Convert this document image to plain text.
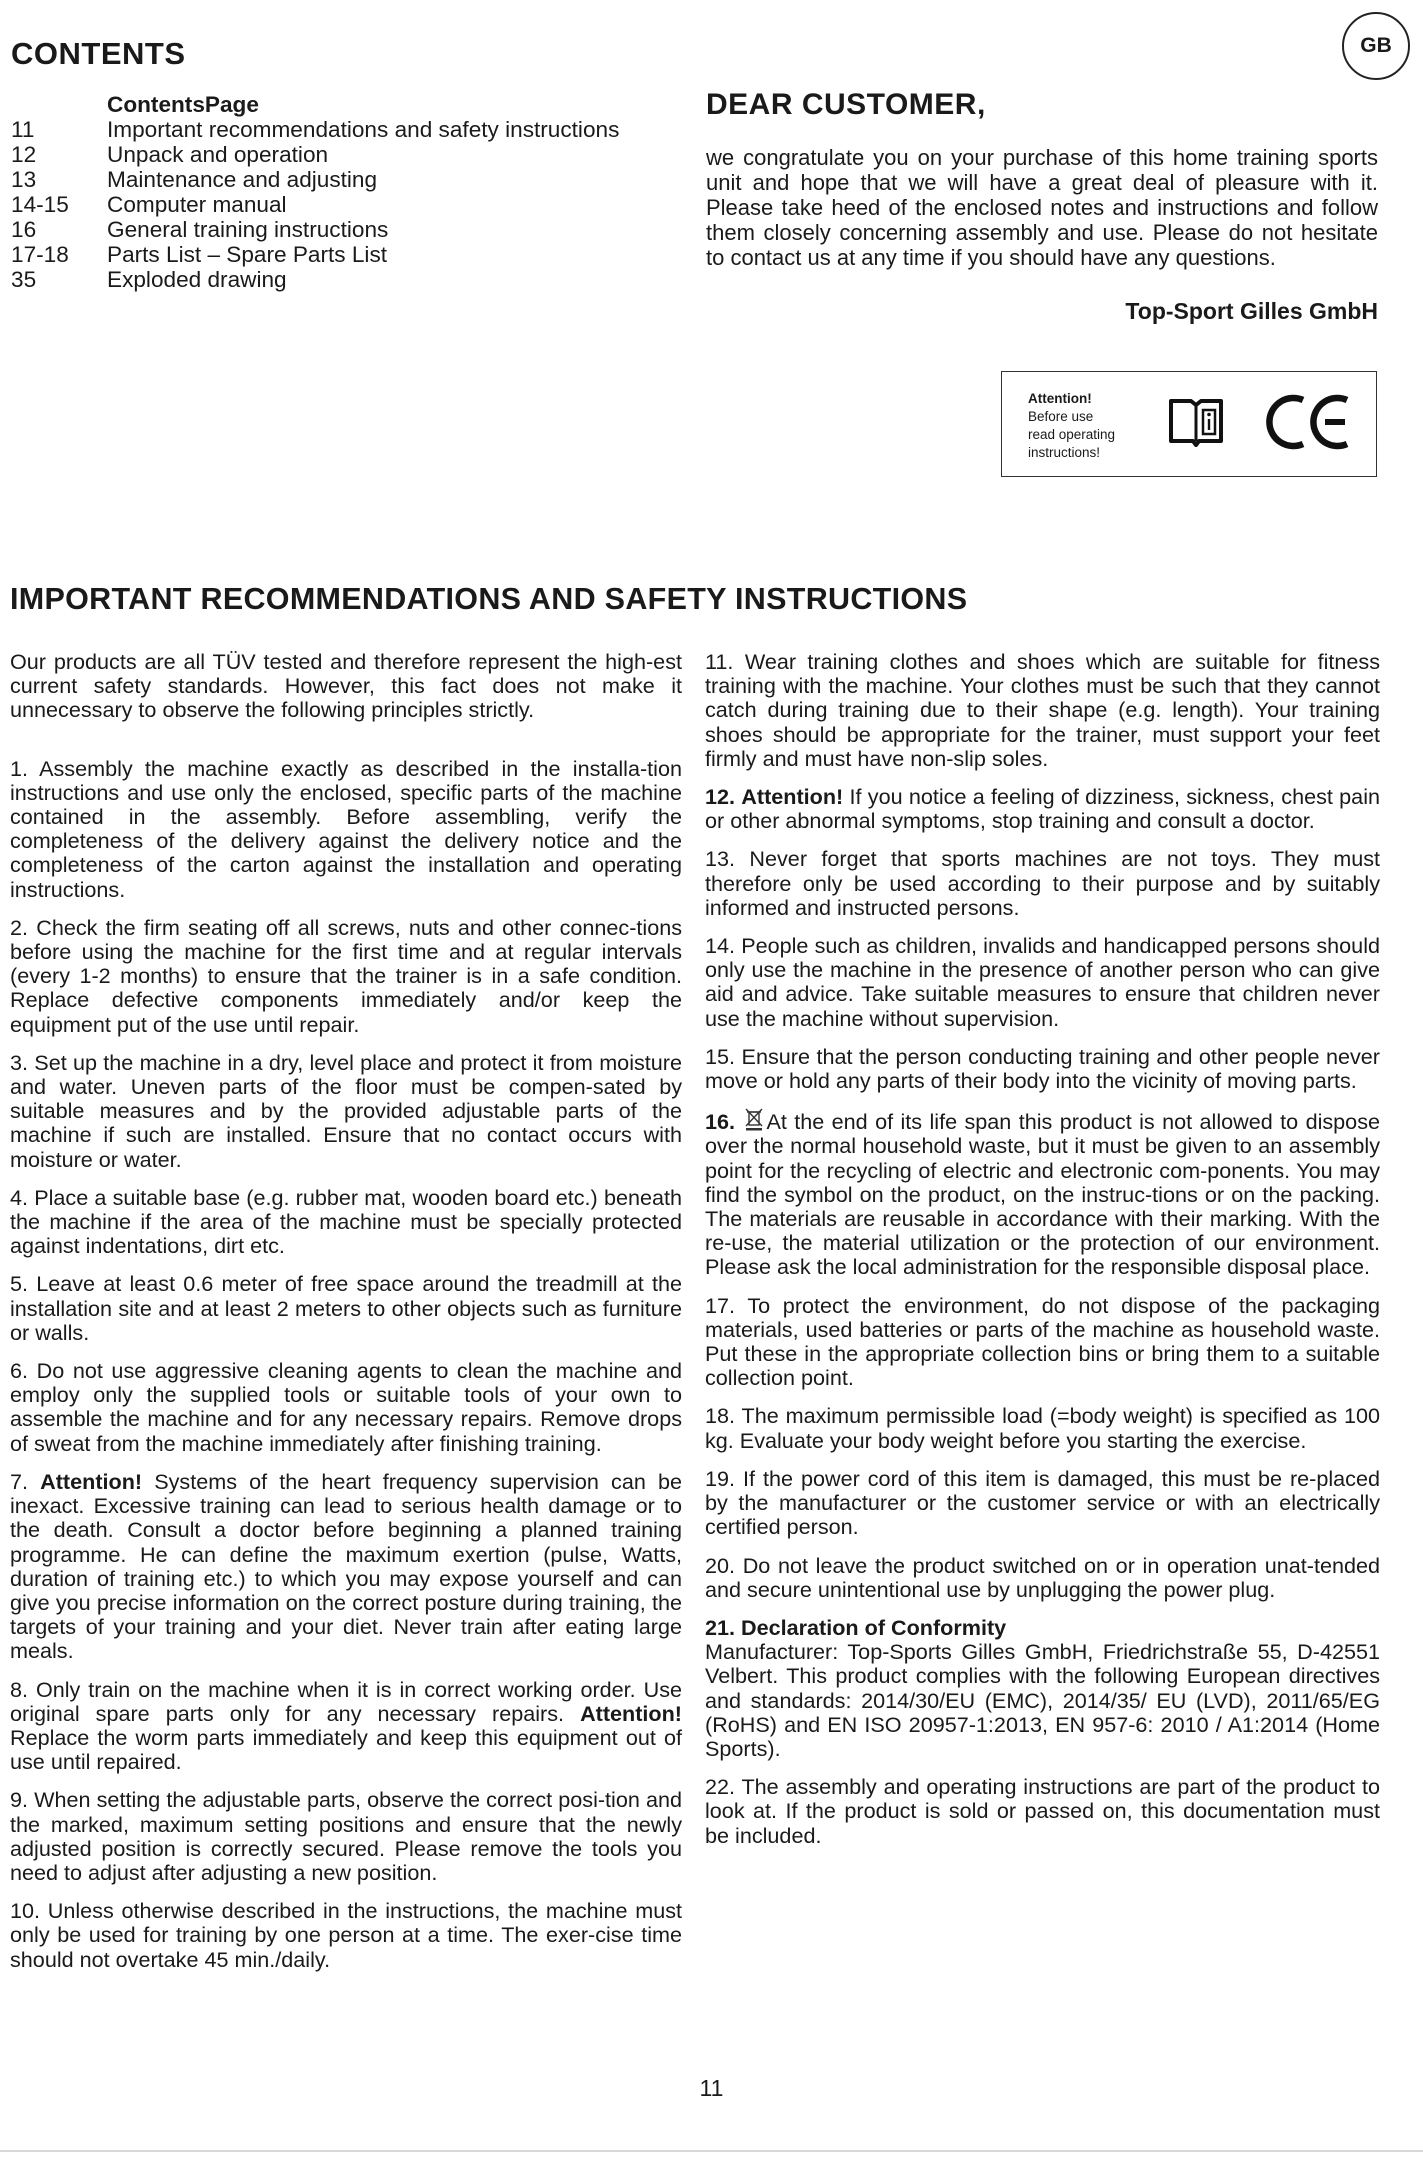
CONTENTS	GB
ContentsPage
11	Important recommendations and safety instructions
12	Unpack and operation
13	Maintenance and adjusting
14-15	Computer manual
16	General training instructions
17-18	Parts List – Spare Parts List
35	Exploded drawing
DEAR CUSTOMER,

we congratulate you on your purchase of this home training sports unit and hope that we will have a great deal of pleasure with it. Please take heed of the enclosed notes and instructions and follow them closely concerning assembly and use. Please do not hesitate to contact us at any time if you should have any questions.

Top-Sport Gilles GmbH
Attention!
Before use
read operating
instructions!
IMPORTANT RECOMMENDATIONS AND SAFETY INSTRUCTIONS

Our products are all TÜV tested and therefore represent the high-est current safety standards. However, this fact does not make it unnecessary to observe the following principles strictly.

1. Assembly the machine exactly as described in the installa-tion instructions and use only the enclosed, specific parts of the machine contained in the assembly. Before assembling, verify the completeness of the delivery against the delivery notice and the completeness of the carton against the installation and operating instructions.

2. Check the firm seating off all screws, nuts and other connec-tions before using the machine for the first time and at regular intervals (every 1-2 months) to ensure that the trainer is in a safe condition. Replace defective components immediately and/or keep the equipment put of the use until repair.

3. Set up the machine in a dry, level place and protect it from moisture and water. Uneven parts of the floor must be compen-sated by suitable measures and by the provided adjustable parts of the machine if such are installed. Ensure that no contact occurs with moisture or water.

4. Place a suitable base (e.g. rubber mat, wooden board etc.) beneath the machine if the area of the machine must be specially protected against indentations, dirt etc.

5. Leave at least 0.6 meter of free space around the treadmill at the installation site and at least 2 meters to other objects such as furniture or walls.

6. Do not use aggressive cleaning agents to clean the machine and employ only the supplied tools or suitable tools of your own to assemble the machine and for any necessary repairs. Remove drops of sweat from the machine immediately after finishing training.

7. Attention! Systems of the heart frequency supervision can be inexact. Excessive training can lead to serious health damage or to the death. Consult a doctor before beginning a planned training programme. He can define the maximum exertion (pulse, Watts, duration of training etc.) to which you may expose yourself and can give you precise information on the correct posture during training, the targets of your training and your diet. Never train after eating large meals.

8. Only train on the machine when it is in correct working order. Use original spare parts only for any necessary repairs. Attention! Replace the worm parts immediately and keep this equipment out of use until repaired.

9. When setting the adjustable parts, observe the correct posi-tion and the marked, maximum setting positions and ensure that the newly adjusted position is correctly secured. Please remove the tools you need to adjust after adjusting a new position.

10. Unless otherwise described in the instructions, the machine must only be used for training by one person at a time. The exer-cise time should not overtake 45 min./daily.

11. Wear training clothes and shoes which are suitable for fitness training with the machine. Your clothes must be such that they cannot catch during training due to their shape (e.g. length). Your training shoes should be appropriate for the trainer, must support your feet firmly and must have non-slip soles.

12. Attention! If you notice a feeling of dizziness, sickness, chest pain or other abnormal symptoms, stop training and consult a doctor.

13. Never forget that sports machines are not toys. They must therefore only be used according to their purpose and by suitably informed and instructed persons.

14. People such as children, invalids and handicapped persons should only use the machine in the presence of another person who can give aid and advice. Take suitable measures to ensure that children never use the machine without supervision.

15. Ensure that the person conducting training and other people never move or hold any parts of their body into the vicinity of moving parts.

16. At the end of its life span this product is not allowed to dispose over the normal household waste, but it must be given to an assembly point for the recycling of electric and electronic com-ponents. You may find the symbol on the product, on the instruc-tions or on the packing. The materials are reusable in accordance with their marking. With the re-use, the material utilization or the protection of our environment. Please ask the local administration for the responsible disposal place.

17. To protect the environment, do not dispose of the packaging materials, used batteries or parts of the machine as household waste. Put these in the appropriate collection bins or bring them to a suitable collection point.

18. The maximum permissible load (=body weight) is specified as 100 kg. Evaluate your body weight before you starting the exercise.

19. If the power cord of this item is damaged, this must be re-placed by the manufacturer or the customer service or with an electrically certified person.

20. Do not leave the product switched on or in operation unat-tended and secure unintentional use by unplugging the power plug.

21. Declaration of Conformity
Manufacturer: Top-Sports Gilles GmbH, Friedrichstraße 55, D-42551 Velbert. This product complies with the following European directives and standards: 2014/30/EU (EMC), 2014/35/ EU (LVD), 2011/65/EG (RoHS) and EN ISO 20957-1:2013, EN 957-6: 2010 / A1:2014 (Home Sports).

22. The assembly and operating instructions are part of the product to look at. If the product is sold or passed on, this documentation must be included.

11
